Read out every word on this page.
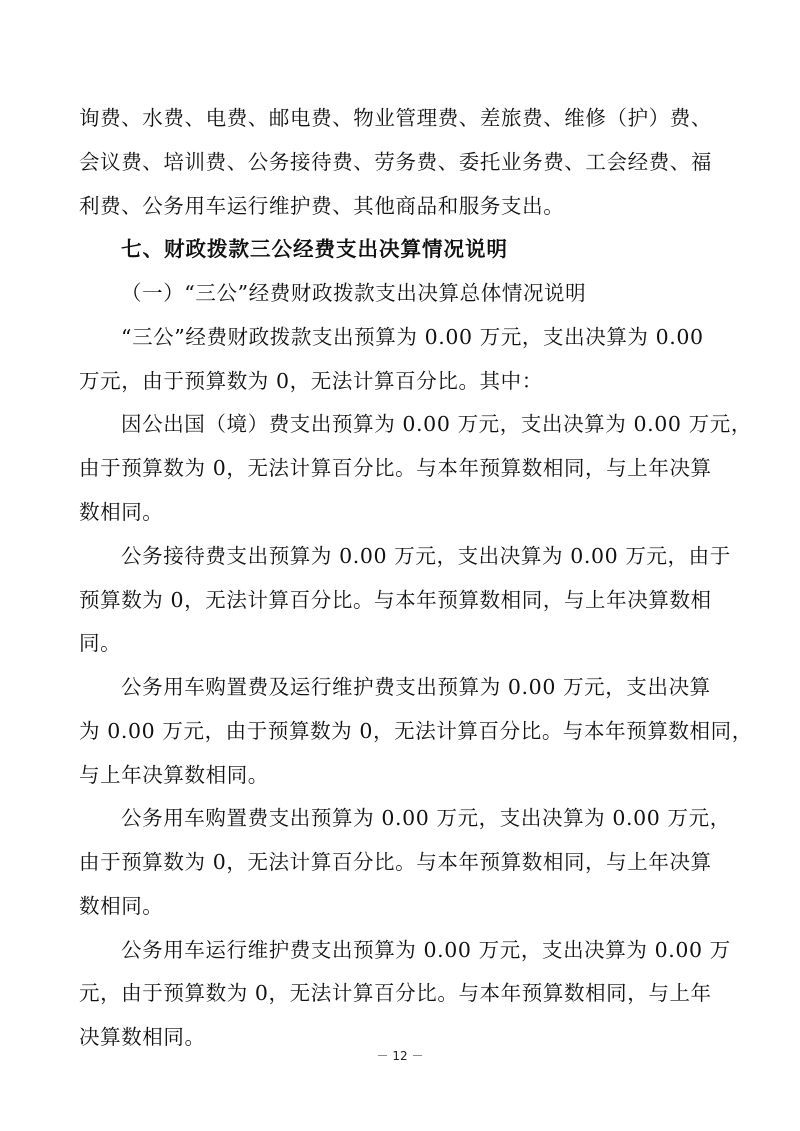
询费、水费、电费、邮电费、物业管理费、差旅费、维修（护）费、
会议费、培训费、公务接待费、劳务费、委托业务费、工会经费、福
利费、公务用车运行维护费、其他商品和服务支出。
七、财政拨款三公经费支出决算情况说明
（一）“三公”经费财政拨款支出决算总体情况说明
“三公”经费财政拨款支出预算为 0.00 万元，支出决算为 0.00
万元，由于预算数为 0，无法计算百分比。其中：
因公出国（境）费支出预算为 0.00 万元，支出决算为 0.00 万元，
由于预算数为 0，无法计算百分比。与本年预算数相同，与上年决算
数相同。
公务接待费支出预算为 0.00 万元，支出决算为 0.00 万元，由于
预算数为 0，无法计算百分比。与本年预算数相同，与上年决算数相
同。
公务用车购置费及运行维护费支出预算为 0.00 万元，支出决算
为 0.00 万元，由于预算数为 0，无法计算百分比。与本年预算数相同，
与上年决算数相同。
公务用车购置费支出预算为 0.00 万元，支出决算为 0.00 万元，
由于预算数为 0，无法计算百分比。与本年预算数相同，与上年决算
数相同。
公务用车运行维护费支出预算为 0.00 万元，支出决算为 0.00 万
元，由于预算数为 0，无法计算百分比。与本年预算数相同，与上年
决算数相同。
－ 12 －
